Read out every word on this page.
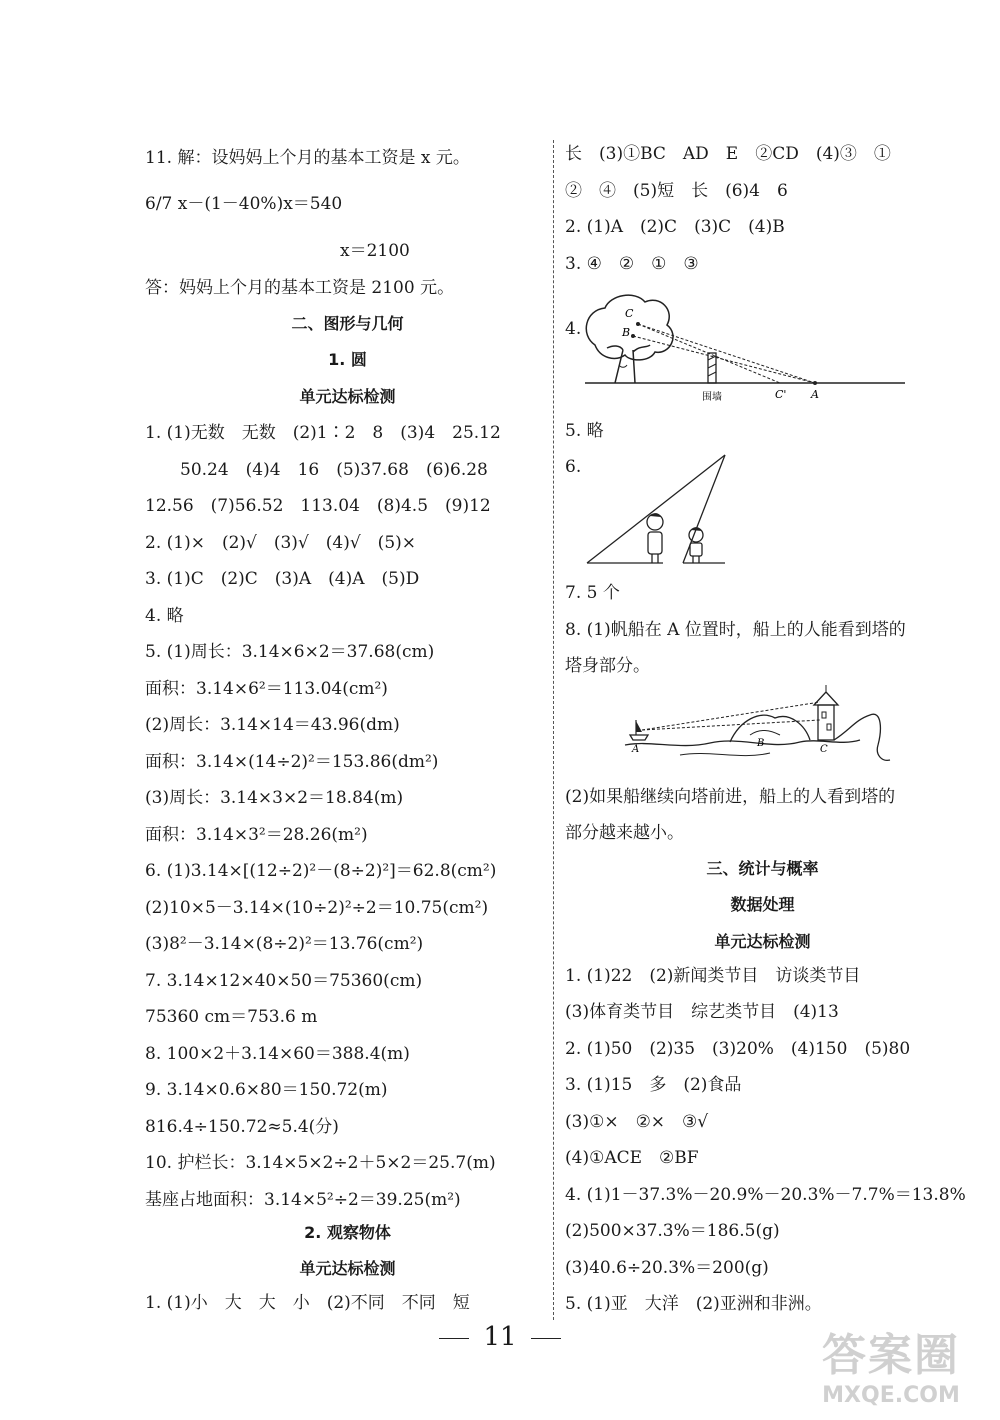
11. 解：设妈妈上个月的基本工资是 x 元。
6/7 x－(1－40%)x＝540
x＝2100
答：妈妈上个月的基本工资是 2100 元。
二、图形与几何
1. 圆
单元达标检测
1. (1)无数　无数　(2)1∶2　8　(3)4　25.12
50.24　(4)4　16　(5)37.68　(6)6.28
12.56　(7)56.52　113.04　(8)4.5　(9)12
2. (1)×　(2)√　(3)√　(4)√　(5)×
3. (1)C　(2)C　(3)A　(4)A　(5)D
4. 略
5. (1)周长：3.14×6×2＝37.68(cm)
面积：3.14×6²＝113.04(cm²)
(2)周长：3.14×14＝43.96(dm)
面积：3.14×(14÷2)²＝153.86(dm²)
(3)周长：3.14×3×2＝18.84(m)
面积：3.14×3²＝28.26(m²)
6. (1)3.14×[(12÷2)²－(8÷2)²]＝62.8(cm²)
(2)10×5－3.14×(10÷2)²÷2＝10.75(cm²)
(3)8²－3.14×(8÷2)²＝13.76(cm²)
7. 3.14×12×40×50＝75360(cm)
75360 cm＝753.6 m
8. 100×2＋3.14×60＝388.4(m)
9. 3.14×0.6×80＝150.72(m)
816.4÷150.72≈5.4(分)
10. 护栏长：3.14×5×2÷2＋5×2＝25.7(m)
基座占地面积：3.14×5²÷2＝39.25(m²)
2. 观察物体
单元达标检测
1. (1)小　大　大　小　(2)不同　不同　短
长　(3)①BC　AD　E　②CD　(4)③　①
②　④　(5)短　长　(6)4　6
2. (1)A　(2)C　(3)C　(4)B
3. ④　②　①　③
4.
5. 略
6.
7. 5 个
8. (1)帆船在 A 位置时，船上的人能看到塔的
塔身部分。
(2)如果船继续向塔前进，船上的人看到塔的
部分越来越小。
三、统计与概率
数据处理
单元达标检测
1. (1)22　(2)新闻类节目　访谈类节目
(3)体育类节目　综艺类节目　(4)13
2. (1)50　(2)35　(3)20%　(4)150　(5)80
3. (1)15　多　(2)食品
(3)①×　②×　③√
(4)①ACE　②BF
4. (1)1－37.3%－20.9%－20.3%－7.7%＝13.8%
(2)500×37.3%＝186.5(g)
(3)40.6÷20.3%＝200(g)
5. (1)亚　大洋　(2)亚洲和非洲。
C
B
围墙	C' A
A
B
C
11	答案圈
MXQE.COM
